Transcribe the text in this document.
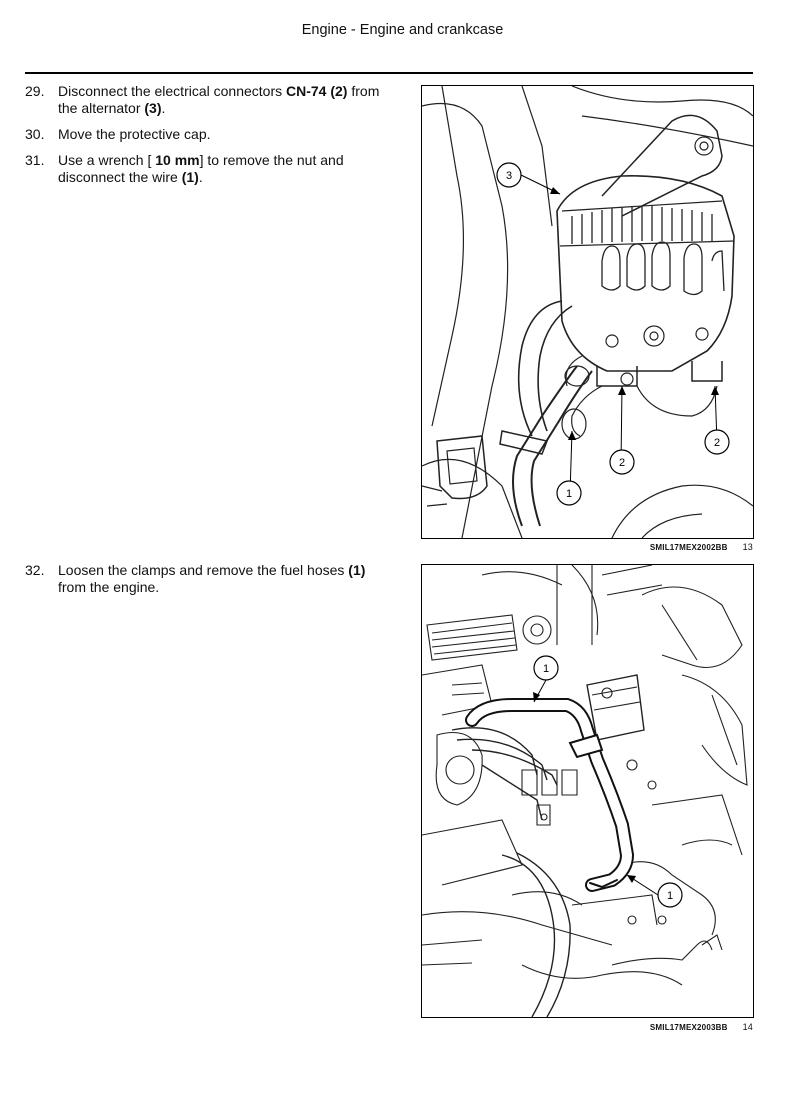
Engine - Engine and crankcase
29. Disconnect the electrical connectors CN-74 (2) from the alternator (3).
30. Move the protective cap.
31. Use a wrench [ 10 mm] to remove the nut and disconnect the wire (1).	3
1
2
2
SMIL17MEX2002BB 13
32. Loosen the clamps and remove the fuel hoses (1) from the engine.
1
1
SMIL17MEX2003BB 14
